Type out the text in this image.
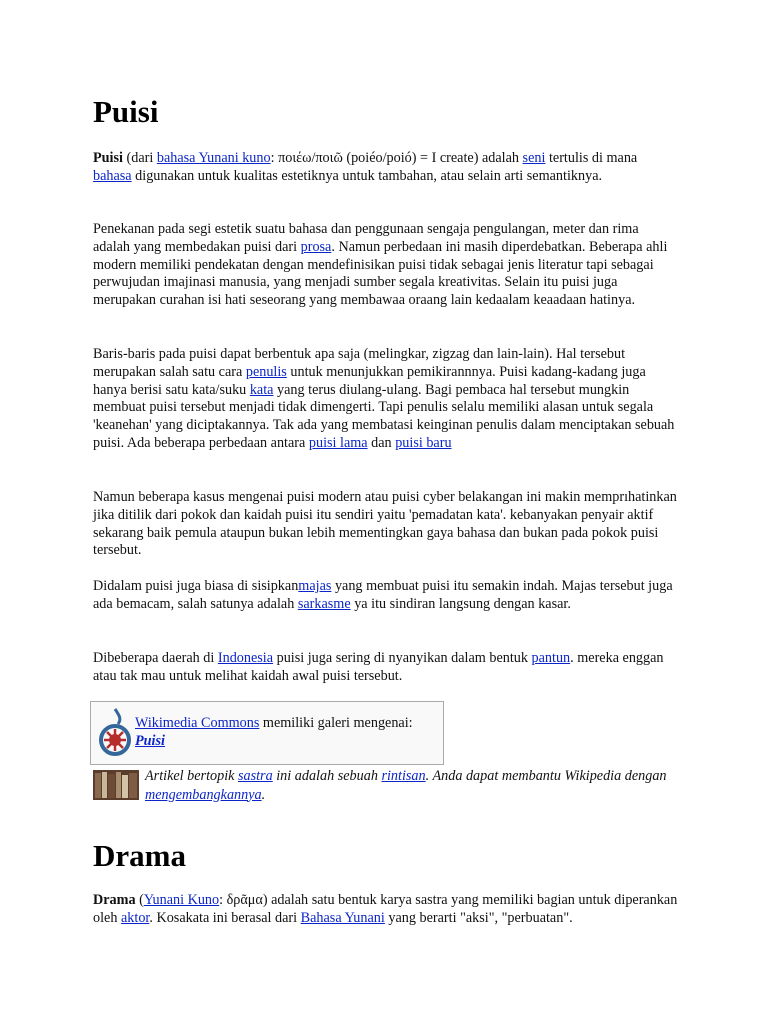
Puisi

Puisi (dari bahasa Yunani kuno: ποιέω/ποιῶ (poiéo/poió) = I create) adalah seni tertulis di mana bahasa digunakan untuk kualitas estetiknya untuk tambahan, atau selain arti semantiknya.

Penekanan pada segi estetik suatu bahasa dan penggunaan sengaja pengulangan, meter dan rima adalah yang membedakan puisi dari prosa. Namun perbedaan ini masih diperdebatkan. Beberapa ahli modern memiliki pendekatan dengan mendefinisikan puisi tidak sebagai jenis literatur tapi sebagai perwujudan imajinasi manusia, yang menjadi sumber segala kreativitas. Selain itu puisi juga merupakan curahan isi hati seseorang yang membawaa oraang lain kedaalam keaadaan hatinya.

Baris-baris pada puisi dapat berbentuk apa saja (melingkar, zigzag dan lain-lain). Hal tersebut merupakan salah satu cara penulis untuk menunjukkan pemikirannnya. Puisi kadang-kadang juga hanya berisi satu kata/suku kata yang terus diulang-ulang. Bagi pembaca hal tersebut mungkin membuat puisi tersebut menjadi tidak dimengerti. Tapi penulis selalu memiliki alasan untuk segala 'keanehan' yang diciptakannya. Tak ada yang membatasi keinginan penulis dalam menciptakan sebuah puisi. Ada beberapa perbedaan antara puisi lama dan puisi baru

Namun beberapa kasus mengenai puisi modern atau puisi cyber belakangan ini makin memprıhatinkan jika ditilik dari pokok dan kaidah puisi itu sendiri yaitu 'pemadatan kata'. kebanyakan penyair aktif sekarang baik pemula ataupun bukan lebih mementingkan gaya bahasa dan bukan pada pokok puisi tersebut.

Didalam puisi juga biasa di sisipkanmajas yang membuat puisi itu semakin indah. Majas tersebut juga ada bemacam, salah satunya adalah sarkasme ya itu sindiran langsung dengan kasar.

Dibeberapa daerah di Indonesia puisi juga sering di nyanyikan dalam bentuk pantun. mereka enggan atau tak mau untuk melihat kaidah awal puisi tersebut.

Wikimedia Commons memiliki galeri mengenai:
Puisi
Artikel bertopik sastra ini adalah sebuah rintisan. Anda dapat membantu Wikipedia dengan mengembangkannya.
Drama

Drama (Yunani Kuno: δρᾶμα) adalah satu bentuk karya sastra yang memiliki bagian untuk diperankan oleh aktor. Kosakata ini berasal dari Bahasa Yunani yang berarti "aksi", "perbuatan".
